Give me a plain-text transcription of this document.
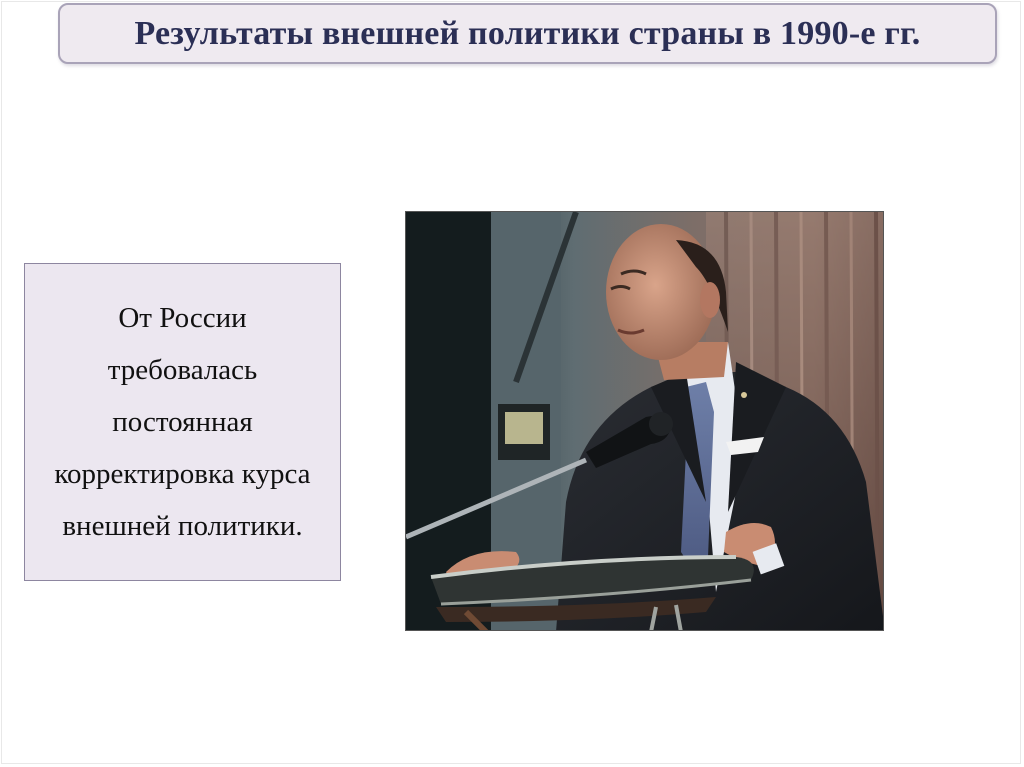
Результаты внешней политики страны в 1990-е гг.

От России требовалась постоянная корректировка курса внешней политики.
